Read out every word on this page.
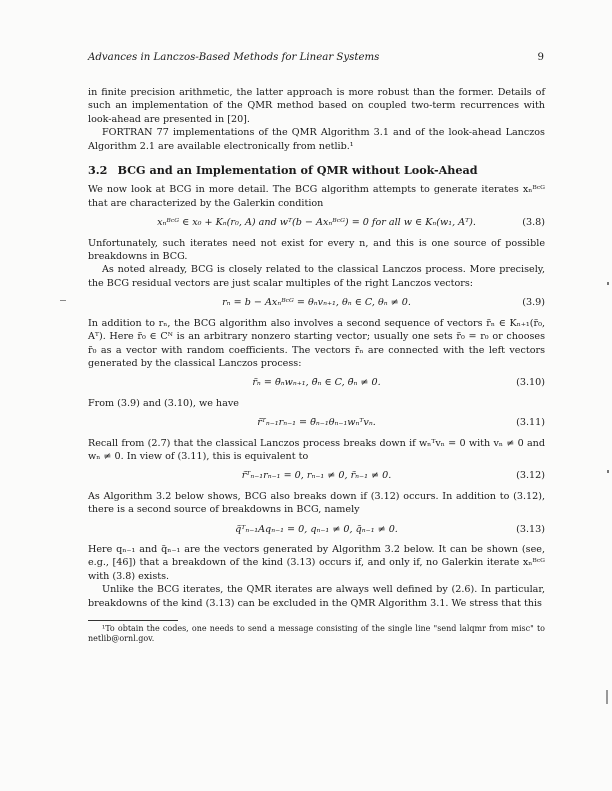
Advances in Lanczos-Based Methods for Linear Systems	9

in finite precision arithmetic, the latter approach is more robust than the former. Details of such an implementation of the QMR method based on coupled two-term recurrences with look-ahead are presented in [20].

FORTRAN 77 implementations of the QMR Algorithm 3.1 and of the look-ahead Lanczos Algorithm 2.1 are available electronically from netlib.¹

3.2 BCG and an Implementation of QMR without Look-Ahead

We now look at BCG in more detail. The BCG algorithm attempts to generate iterates xₙᴮᶜᴳ that are characterized by the Galerkin condition

xₙᴮᶜᴳ ∈ x₀ + Kₙ(r₀, A) and wᵀ(b − Axₙᴮᶜᴳ) = 0 for all w ∈ Kₙ(w₁, Aᵀ).	(3.8)

Unfortunately, such iterates need not exist for every n, and this is one source of possible breakdowns in BCG.

As noted already, BCG is closely related to the classical Lanczos process. More precisely, the BCG residual vectors are just scalar multiples of the right Lanczos vectors:

rₙ = b − Axₙᴮᶜᴳ = θₙvₙ₊₁, θₙ ∈ C, θₙ ≠ 0.	(3.9)

In addition to rₙ, the BCG algorithm also involves a second sequence of vectors r̃ₙ ∈ Kₙ₊₁(r̃₀, Aᵀ). Here r̃₀ ∈ Cᴺ is an arbitrary nonzero starting vector; usually one sets r̃₀ = r₀ or chooses r̃₀ as a vector with random coefficients. The vectors r̃ₙ are connected with the left vectors generated by the classical Lanczos process:

r̃ₙ = θ̃ₙwₙ₊₁, θ̃ₙ ∈ C, θ̃ₙ ≠ 0.	(3.10)

From (3.9) and (3.10), we have

r̃ᵀₙ₋₁rₙ₋₁ = θ̃ₙ₋₁θₙ₋₁wₙᵀvₙ.	(3.11)

Recall from (2.7) that the classical Lanczos process breaks down if wₙᵀvₙ = 0 with vₙ ≠ 0 and wₙ ≠ 0. In view of (3.11), this is equivalent to

r̃ᵀₙ₋₁rₙ₋₁ = 0, rₙ₋₁ ≠ 0, r̃ₙ₋₁ ≠ 0.	(3.12)

As Algorithm 3.2 below shows, BCG also breaks down if (3.12) occurs. In addition to (3.12), there is a second source of breakdowns in BCG, namely

q̃ᵀₙ₋₁Aqₙ₋₁ = 0, qₙ₋₁ ≠ 0, q̃ₙ₋₁ ≠ 0.	(3.13)

Here qₙ₋₁ and q̃ₙ₋₁ are the vectors generated by Algorithm 3.2 below. It can be shown (see, e.g., [46]) that a breakdown of the kind (3.13) occurs if, and only if, no Galerkin iterate xₙᴮᶜᴳ with (3.8) exists.

Unlike the BCG iterates, the QMR iterates are always well defined by (2.6). In particular, breakdowns of the kind (3.13) can be excluded in the QMR Algorithm 3.1. We stress that this

¹To obtain the codes, one needs to send a message consisting of the single line "send lalqmr from misc" to netlib@ornl.gov.
